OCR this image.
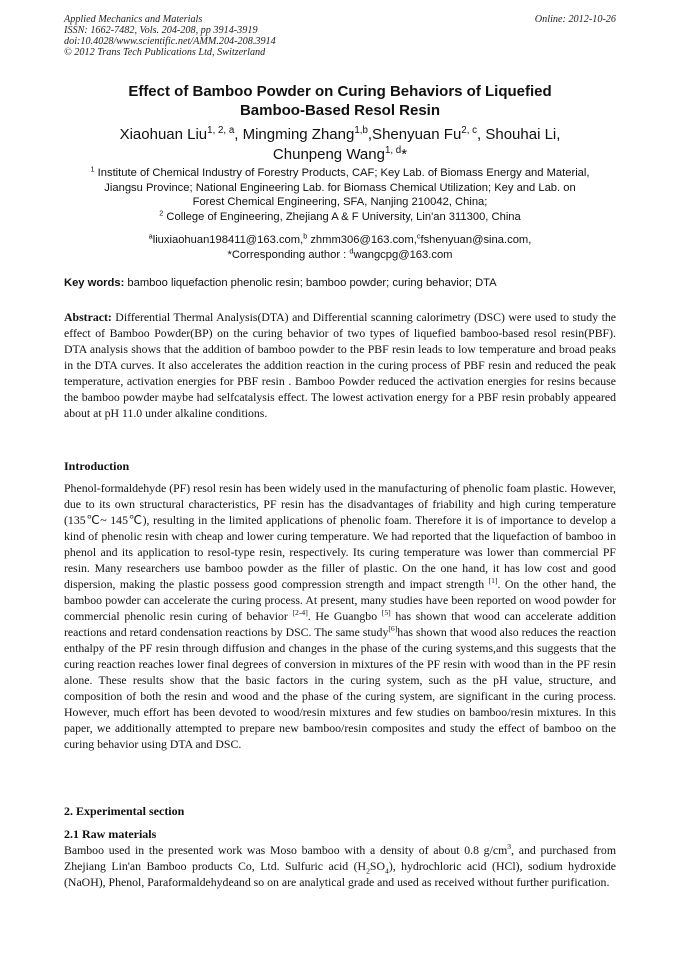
Applied Mechanics and Materials
ISSN: 1662-7482, Vols. 204-208, pp 3914-3919
doi:10.4028/www.scientific.net/AMM.204-208.3914
© 2012 Trans Tech Publications Ltd, Switzerland
Online: 2012-10-26
Effect of Bamboo Powder on Curing Behaviors of Liquefied
Bamboo-Based Resol Resin
Xiaohuan Liu$^{1, 2, a}$, Mingming Zhang$^{1,b}$,Shenyuan Fu$^{2, c}$, Shouhai Li,
Chunpeng Wang$^{1, d}$*
$^1$ Institute of Chemical Industry of Forestry Products, CAF; Key Lab. of Biomass Energy and Material,
Jiangsu Province; National Engineering Lab. for Biomass Chemical Utilization; Key and Lab. on
Forest Chemical Engineering, SFA, Nanjing 210042, China;
$^2$ College of Engineering, Zhejiang A & F University, Lin'an 311300, China
$^a$liuxiaohuan198411@163.com,$^b$ zhmm306@163.com,$^c$fshenyuan@sina.com,
*Corresponding author : $^d$wangcpg@163.com
Key words: bamboo liquefaction phenolic resin; bamboo powder; curing behavior; DTA
Abstract: Differential Thermal Analysis(DTA) and Differential scanning calorimetry (DSC) were used to study the effect of Bamboo Powder(BP) on the curing behavior of two types of liquefied bamboo-based resol resin(PBF). DTA analysis shows that the addition of bamboo powder to the PBF resin leads to low temperature and broad peaks in the DTA curves. It also accelerates the addition reaction in the curing process of PBF resin and reduced the peak temperature, activation energies for PBF resin . Bamboo Powder reduced the activation energies for resins because the bamboo powder maybe had selfcatalysis effect. The lowest activation energy for a PBF resin probably appeared about at pH 11.0 under alkaline conditions.
Introduction
Phenol-formaldehyde (PF) resol resin has been widely used in the manufacturing of phenolic foam plastic. However, due to its own structural characteristics, PF resin has the disadvantages of friability and high curing temperature (135℃~ 145℃), resulting in the limited applications of phenolic foam. Therefore it is of importance to develop a kind of phenolic resin with cheap and lower curing temperature. We had reported that the liquefaction of bamboo in phenol and its application to resol-type resin, respectively. Its curing temperature was lower than commercial PF resin. Many researchers use bamboo powder as the filler of plastic. On the one hand, it has low cost and good dispersion, making the plastic possess good compression strength and impact strength [1]. On the other hand, the bamboo powder can accelerate the curing process. At present, many studies have been reported on wood powder for commercial phenolic resin curing of behavior [2-4]. He Guangbo [5] has shown that wood can accelerate addition reactions and retard condensation reactions by DSC. The same study[6]has shown that wood also reduces the reaction enthalpy of the PF resin through diffusion and changes in the phase of the curing systems,and this suggests that the curing reaction reaches lower final degrees of conversion in mixtures of the PF resin with wood than in the PF resin alone. These results show that the basic factors in the curing system, such as the pH value, structure, and composition of both the resin and wood and the phase of the curing system, are significant in the curing process. However, much effort has been devoted to wood/resin mixtures and few studies on bamboo/resin mixtures. In this paper, we additionally attempted to prepare new bamboo/resin composites and study the effect of bamboo on the curing behavior using DTA and DSC.
2. Experimental section
2.1 Raw materials
Bamboo used in the presented work was Moso bamboo with a density of about 0.8 $g/cm^3$, and purchased from Zhejiang Lin'an Bamboo products Co, Ltd. Sulfuric acid $(H_2SO_4)$, hydrochloric acid (HCl), sodium hydroxide (NaOH), Phenol, Paraformaldehydeand so on are analytical grade and used as received without further purification.
